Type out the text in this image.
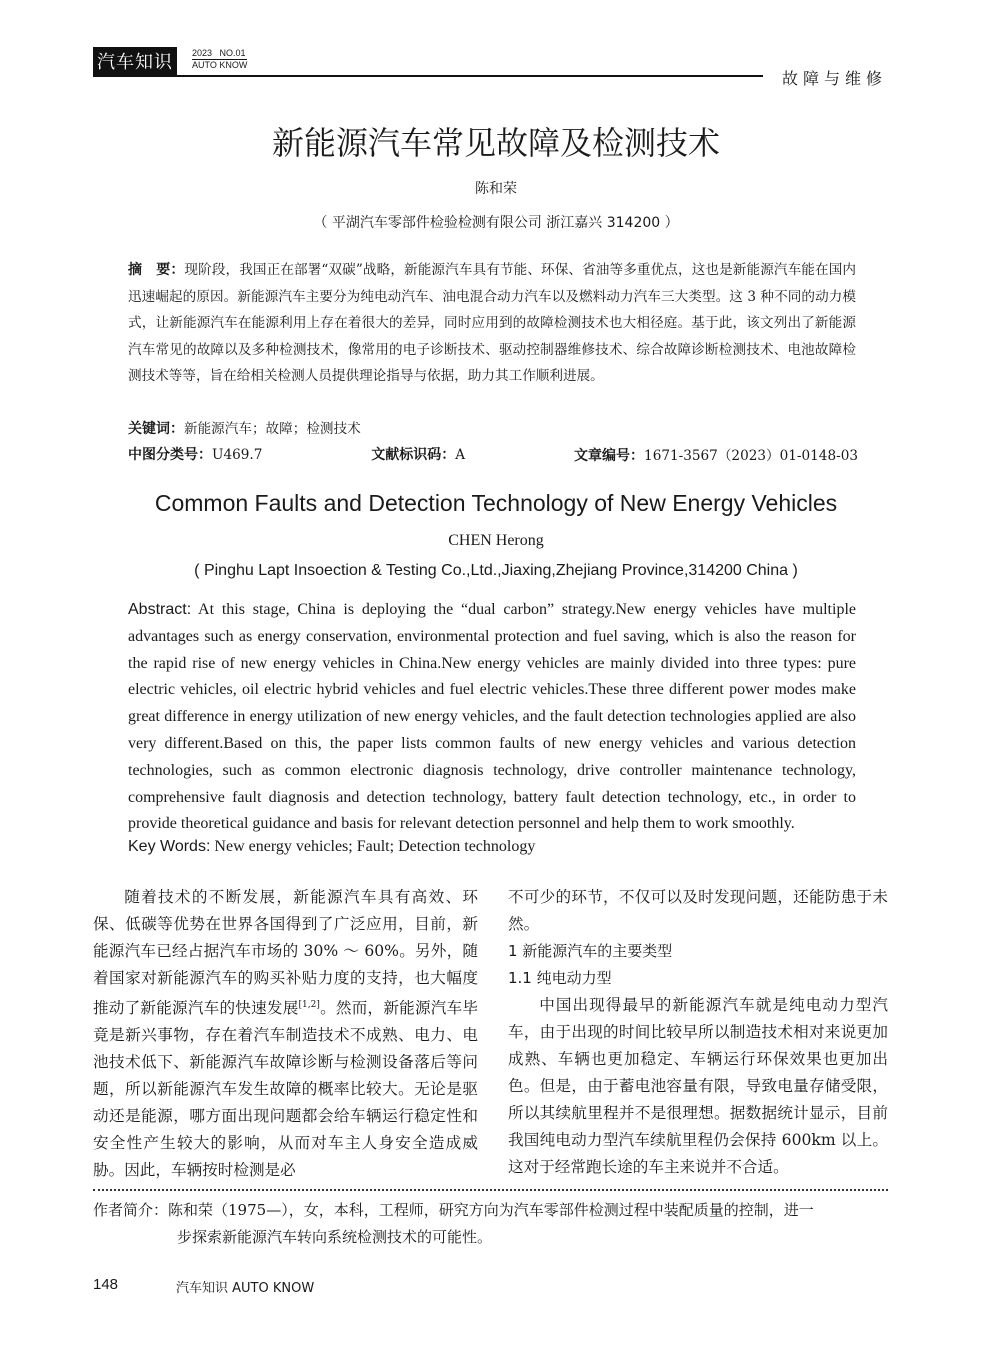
汽车知识	2023   NO.01
AUTO KNOW
故障与维修
新能源汽车常见故障及检测技术
陈和荣
（ 平湖汽车零部件检验检测有限公司 浙江嘉兴 314200 ）
摘　要：现阶段，我国正在部署“双碳”战略，新能源汽车具有节能、环保、省油等多重优点，这也是新能源汽车能在国内迅速崛起的原因。新能源汽车主要分为纯电动汽车、油电混合动力汽车以及燃料动力汽车三大类型。这 3 种不同的动力模式，让新能源汽车在能源利用上存在着很大的差异，同时应用到的故障检测技术也大相径庭。基于此，该文列出了新能源汽车常见的故障以及多种检测技术，像常用的电子诊断技术、驱动控制器维修技术、综合故障诊断检测技术、电池故障检测技术等等，旨在给相关检测人员提供理论指导与依据，助力其工作顺利进展。
关键词：新能源汽车；故障；检测技术
中图分类号：U469.7	文献标识码：A	文章编号：1671-3567（2023）01-0148-03
Common Faults and Detection Technology of New Energy Vehicles
CHEN Herong
( Pinghu Lapt Insoection & Testing Co.,Ltd.,Jiaxing,Zhejiang Province,314200 China )
Abstract: At this stage, China is deploying the “dual carbon” strategy.New energy vehicles have multiple advantages such as energy conservation, environmental protection and fuel saving, which is also the reason for the rapid rise of new energy vehicles in China.New energy vehicles are mainly divided into three types: pure electric vehicles, oil electric hybrid vehicles and fuel electric vehicles.These three different power modes make great difference in energy utilization of new energy vehicles, and the fault detection technologies applied are also very different.Based on this, the paper lists common faults of new energy vehicles and various detection technologies, such as common electronic diagnosis technology, drive controller maintenance technology, comprehensive fault diagnosis and detection technology, battery fault detection technology, etc., in order to provide theoretical guidance and basis for relevant detection personnel and help them to work smoothly.
Key Words: New energy vehicles; Fault; Detection technology

随着技术的不断发展，新能源汽车具有高效、环保、低碳等优势在世界各国得到了广泛应用，目前，新能源汽车已经占据汽车市场的 30% ～ 60%。另外，随着国家对新能源汽车的购买补贴力度的支持，也大幅度推动了新能源汽车的快速发展[1,2]。然而，新能源汽车毕竟是新兴事物，存在着汽车制造技术不成熟、电力、电池技术低下、新能源汽车故障诊断与检测设备落后等问题，所以新能源汽车发生故障的概率比较大。无论是驱动还是能源，哪方面出现问题都会给车辆运行稳定性和安全性产生较大的影响，从而对车主人身安全造成威胁。因此，车辆按时检测是必

不可少的环节，不仅可以及时发现问题，还能防患于未然。

1 新能源汽车的主要类型
1.1 纯电动力型

中国出现得最早的新能源汽车就是纯电动力型汽车，由于出现的时间比较早所以制造技术相对来说更加成熟、车辆也更加稳定、车辆运行环保效果也更加出色。但是，由于蓄电池容量有限，导致电量存储受限，所以其续航里程并不是很理想。据数据统计显示，目前我国纯电动力型汽车续航里程仍会保持 600km 以上。这对于经常跑长途的车主来说并不合适。

作者简介： 陈和荣（1975—），女，本科，工程师，研究方向为汽车零部件检测过程中装配质量的控制，进一
步探索新能源汽车转向系统检测技术的可能性。
148	汽车知识 AUTO KNOW
